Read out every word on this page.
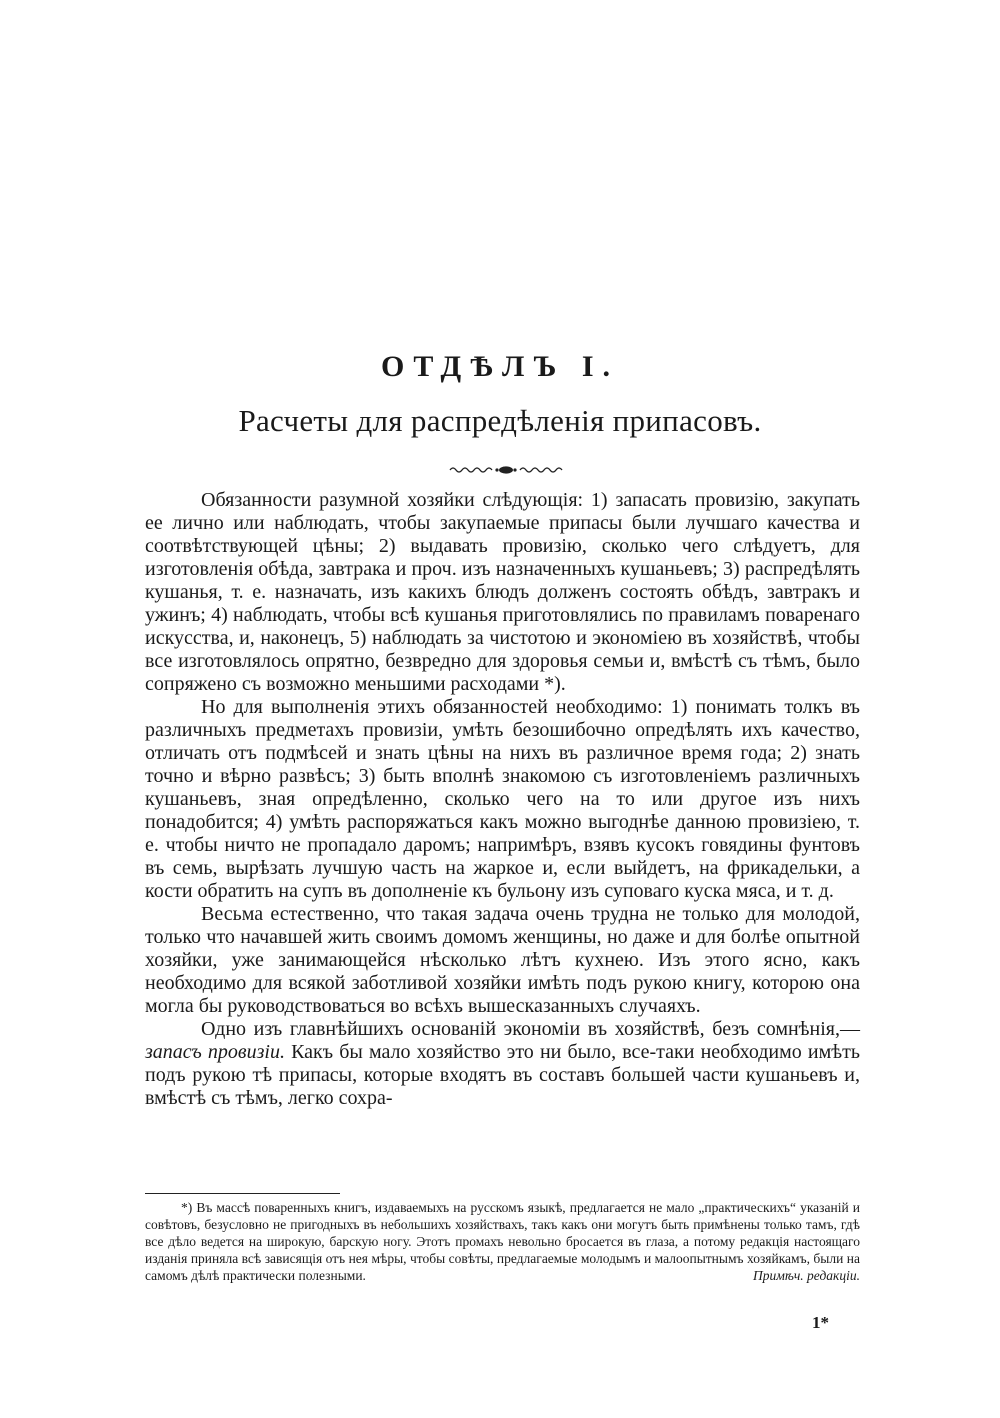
ОТДѢЛЪ I.
Расчеты для распредѣленія припасовъ.

Обязанности разумной хозяйки слѣдующія: 1) запасать провизію, закупать ее лично или наблюдать, чтобы закупаемые припасы были лучшаго качества и соотвѣтствующей цѣны; 2) выдавать провизію, сколько чего слѣдуетъ, для изготовленія обѣда, завтрака и проч. изъ назначенныхъ кушаньевъ; 3) распредѣлять кушанья, т. е. назначать, изъ какихъ блюдъ долженъ состоять обѣдъ, завтракъ и ужинъ; 4) наблюдать, чтобы всѣ кушанья приготовлялись по правиламъ поваренаго искусства, и, наконецъ, 5) наблюдать за чистотою и экономіею въ хозяйствѣ, чтобы все изготовлялось опрятно, безвредно для здоровья семьи и, вмѣстѣ съ тѣмъ, было сопряжено съ возможно меньшими расходами *).

Но для выполненія этихъ обязанностей необходимо: 1) понимать толкъ въ различныхъ предметахъ провизіи, умѣть безошибочно опредѣлять ихъ качество, отличать отъ подмѣсей и знать цѣны на нихъ въ различное время года; 2) знать точно и вѣрно развѣсъ; 3) быть вполнѣ знакомою съ изготовленіемъ различныхъ кушаньевъ, зная опредѣленно, сколько чего на то или другое изъ нихъ понадобится; 4) умѣть распоряжаться какъ можно выгоднѣе данною провизіею, т. е. чтобы ничто не пропадало даромъ; напримѣръ, взявъ кусокъ говядины фунтовъ въ семь, вырѣзать лучшую часть на жаркое и, если выйдетъ, на фрикадельки, а кости обратить на супъ въ дополненіе къ бульону изъ суповаго куска мяса, и т. д.

Весьма естественно, что такая задача очень трудна не только для молодой, только что начавшей жить своимъ домомъ женщины, но даже и для болѣе опытной хозяйки, уже занимающейся нѣсколько лѣтъ кухнею. Изъ этого ясно, какъ необходимо для всякой заботливой хозяйки имѣть подъ рукою книгу, которою она могла бы руководствоваться во всѣхъ вышесказанныхъ случаяхъ.

Одно изъ главнѣйшихъ основаній экономіи въ хозяйствѣ, безъ сомнѣнія,—запасъ провизіи. Какъ бы мало хозяйство это ни было, все-таки необходимо имѣть подъ рукою тѣ припасы, которые входятъ въ составъ большей части кушаньевъ и, вмѣстѣ съ тѣмъ, легко сохра-

*) Въ массѣ поваренныхъ книгъ, издаваемыхъ на русскомъ языкѣ, предлагается не мало „практическихъ“ указаній и совѣтовъ, безусловно не пригодныхъ въ небольшихъ хозяйствахъ, такъ какъ они могутъ быть примѣнены только тамъ, гдѣ все дѣло ведется на широкую, барскую ногу. Этотъ промахъ невольно бросается въ глаза, а потому редакція настоящаго изданія приняла всѣ зависящія отъ нея мѣры, чтобы совѣты, предлагаемые молодымъ и малоопытнымъ хозяйкамъ, были на самомъ дѣлѣ практически полезными.	Примѣч. редакціи.

1*
